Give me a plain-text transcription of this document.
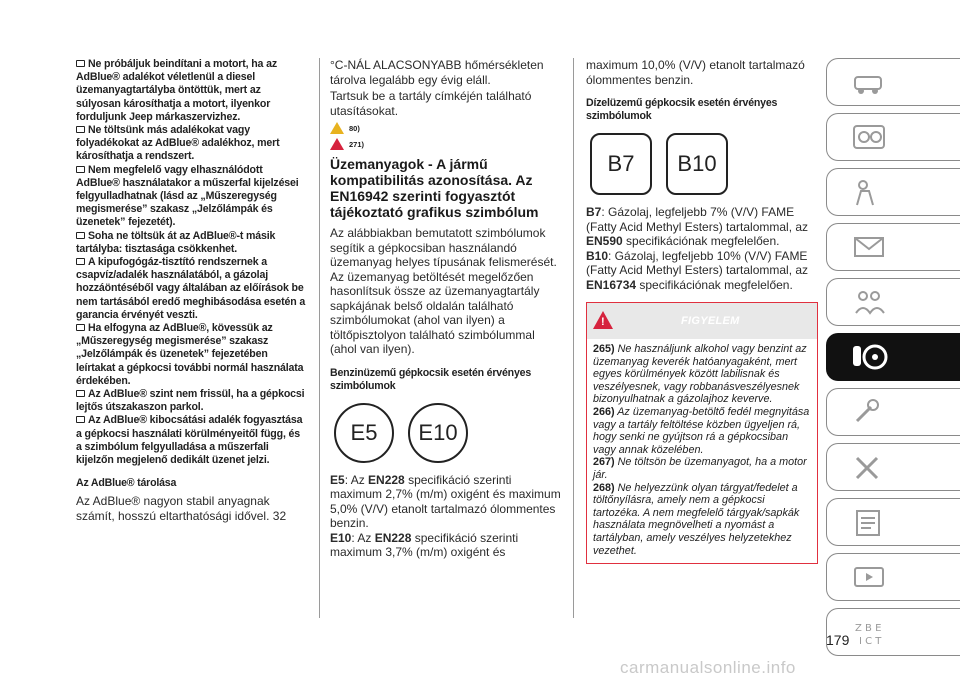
Ne próbáljuk beindítani a motort, ha az AdBlue® adalékot véletlenül a diesel üzemanyagtartályba öntöttük, mert az súlyosan károsíthatja a motort, ilyenkor forduljunk Jeep márkaszervizhez.

Ne töltsünk más adalékokat vagy folyadékokat az AdBlue® adalékhoz, mert károsíthatja a rendszert.

Nem megfelelő vagy elhasználódott AdBlue® használatakor a műszerfal kijelzései felgyulladhatnak (lásd az „Műszeregység megismerése” szakasz „Jelzőlámpák és üzenetek” fejezetét).

Soha ne töltsük át az AdBlue®-t másik tartályba: tisztasága csökkenhet.

A kipufogógáz-tisztító rendszernek a csapvíz/adalék használatából, a gázolaj hozzáöntéséből vagy általában az előírások be nem tartásából eredő meghibásodása esetén a garancia érvényét veszti.

Ha elfogyna az AdBlue®, kövessük az „Műszeregység megismerése” szakasz „Jelzőlámpák és üzenetek” fejezetében leírtakat a gépkocsi további normál használata érdekében.

Az AdBlue® szint nem frissül, ha a gépkocsi lejtős útszakaszon parkol.

Az AdBlue® kibocsátási adalék fogyasztása a gépkocsi használati körülményeitől függ, és a szimbólum felgyulladása a műszerfali kijelzőn megjelenő dedikált üzenet jelzi.

Az AdBlue® tárolása

Az AdBlue® nagyon stabil anyagnak számít, hosszú eltarthatósági idővel. 32

°C-NÁL ALACSONYABB hőmérsékleten tárolva legalább egy évig eláll.

Tartsuk be a tartály címkéjén található utasításokat.

80)
271)
Üzemanyagok - A jármű kompatibilitás azonosítása. Az EN16942 szerinti fogyasztót tájékoztató grafikus szimbólum

Az alábbiakban bemutatott szimbólumok segítik a gépkocsiban használandó üzemanyag helyes típusának felismerését.

Az üzemanyag betöltését megelőzően hasonlítsuk össze az üzemanyagtartály sapkájának belső oldalán található szimbólumokat (ahol van ilyen) a töltőpisztolyon található szimbólummal (ahol van ilyen).

Benzinüzemű gépkocsik esetén érvényes szimbólumok
E5	E10

E5: Az EN228 specifikáció szerinti maximum 2,7% (m/m) oxigént és maximum 5,0% (V/V) etanolt tartalmazó ólommentes benzin.

E10: Az EN228 specifikáció szerinti maximum 3,7% (m/m) oxigént és

maximum 10,0% (V/V) etanolt tartalmazó ólommentes benzin.

Dízelüzemű gépkocsik esetén érvényes szimbólumok
B7	B10

B7: Gázolaj, legfeljebb 7% (V/V) FAME (Fatty Acid Methyl Esters) tartalommal, az EN590 specifikációnak megfelelően.

B10: Gázolaj, legfeljebb 10% (V/V) FAME (Fatty Acid Methyl Esters) tartalommal, az EN16734 specifikációnak megfelelően.

!	FIGYELEM

265) Ne használjunk alkohol vagy benzint az üzemanyag keverék hatóanyagaként, mert egyes körülmények között labilisnak és veszélyesnek, vagy robbanásveszélyesnek bizonyulhatnak a gázolajhoz keverve.

266) Az üzemanyag-betöltő fedél megnyitása vagy a tartály feltöltése közben ügyeljen rá, hogy senki ne gyújtson rá a gépkocsiban vagy annak közelében.

267) Ne töltsön be üzemanyagot, ha a motor jár.

268) Ne helyezzünk olyan tárgyat/fedelet a töltőnyílásra, amely nem a gépkocsi tartozéka. A nem megfelelő tárgyak/sapkák használata megnövelheti a nyomást a tartályban, amely veszélyes helyzetekhez vezethet.

Z B E
I C T
179
carmanualsonline.info
